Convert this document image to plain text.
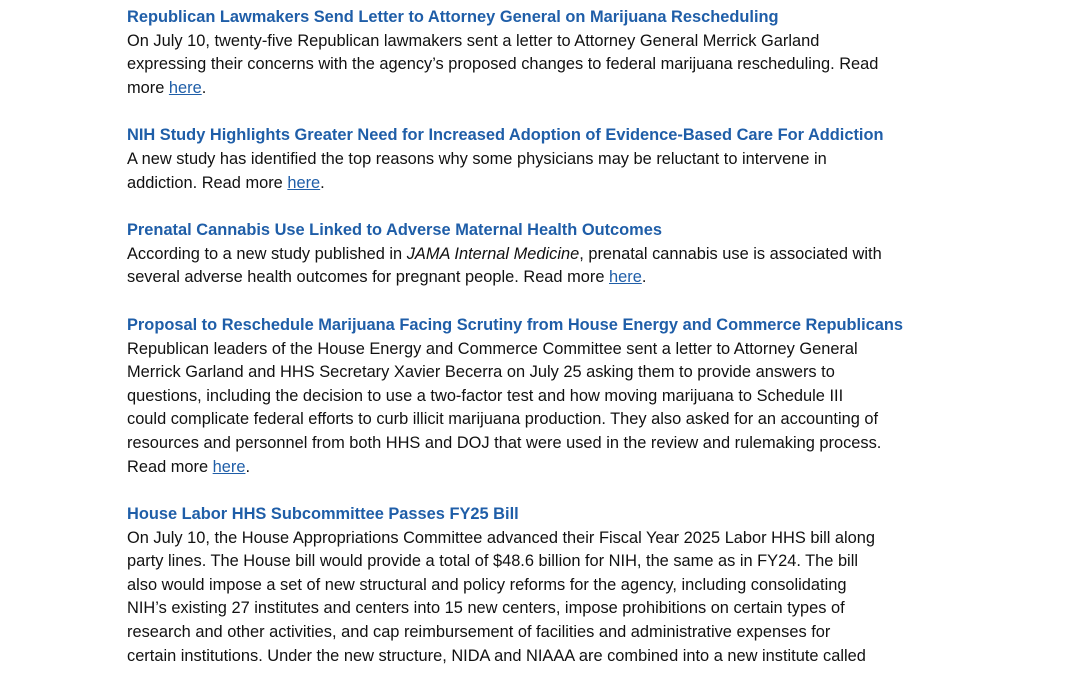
Republican Lawmakers Send Letter to Attorney General on Marijuana Rescheduling

On July 10, twenty-five Republican lawmakers sent a letter to Attorney General Merrick Garland
expressing their concerns with the agency’s proposed changes to federal marijuana rescheduling. Read
more here.

NIH Study Highlights Greater Need for Increased Adoption of Evidence-Based Care For Addiction

A new study has identified the top reasons why some physicians may be reluctant to intervene in
addiction. Read more here.

Prenatal Cannabis Use Linked to Adverse Maternal Health Outcomes

According to a new study published in JAMA Internal Medicine, prenatal cannabis use is associated with
several adverse health outcomes for pregnant people. Read more here.

Proposal to Reschedule Marijuana Facing Scrutiny from House Energy and Commerce Republicans

Republican leaders of the House Energy and Commerce Committee sent a letter to Attorney General
Merrick Garland and HHS Secretary Xavier Becerra on July 25 asking them to provide answers to
questions, including the decision to use a two-factor test and how moving marijuana to Schedule III
could complicate federal efforts to curb illicit marijuana production. They also asked for an accounting of
resources and personnel from both HHS and DOJ that were used in the review and rulemaking process.
Read more here.

House Labor HHS Subcommittee Passes FY25 Bill

On July 10, the House Appropriations Committee advanced their Fiscal Year 2025 Labor HHS bill along
party lines. The House bill would provide a total of $48.6 billion for NIH, the same as in FY24. The bill
also would impose a set of new structural and policy reforms for the agency, including consolidating
NIH’s existing 27 institutes and centers into 15 new centers, impose prohibitions on certain types of
research and other activities, and cap reimbursement of facilities and administrative expenses for
certain institutions. Under the new structure, NIDA and NIAAA are combined into a new institute called
